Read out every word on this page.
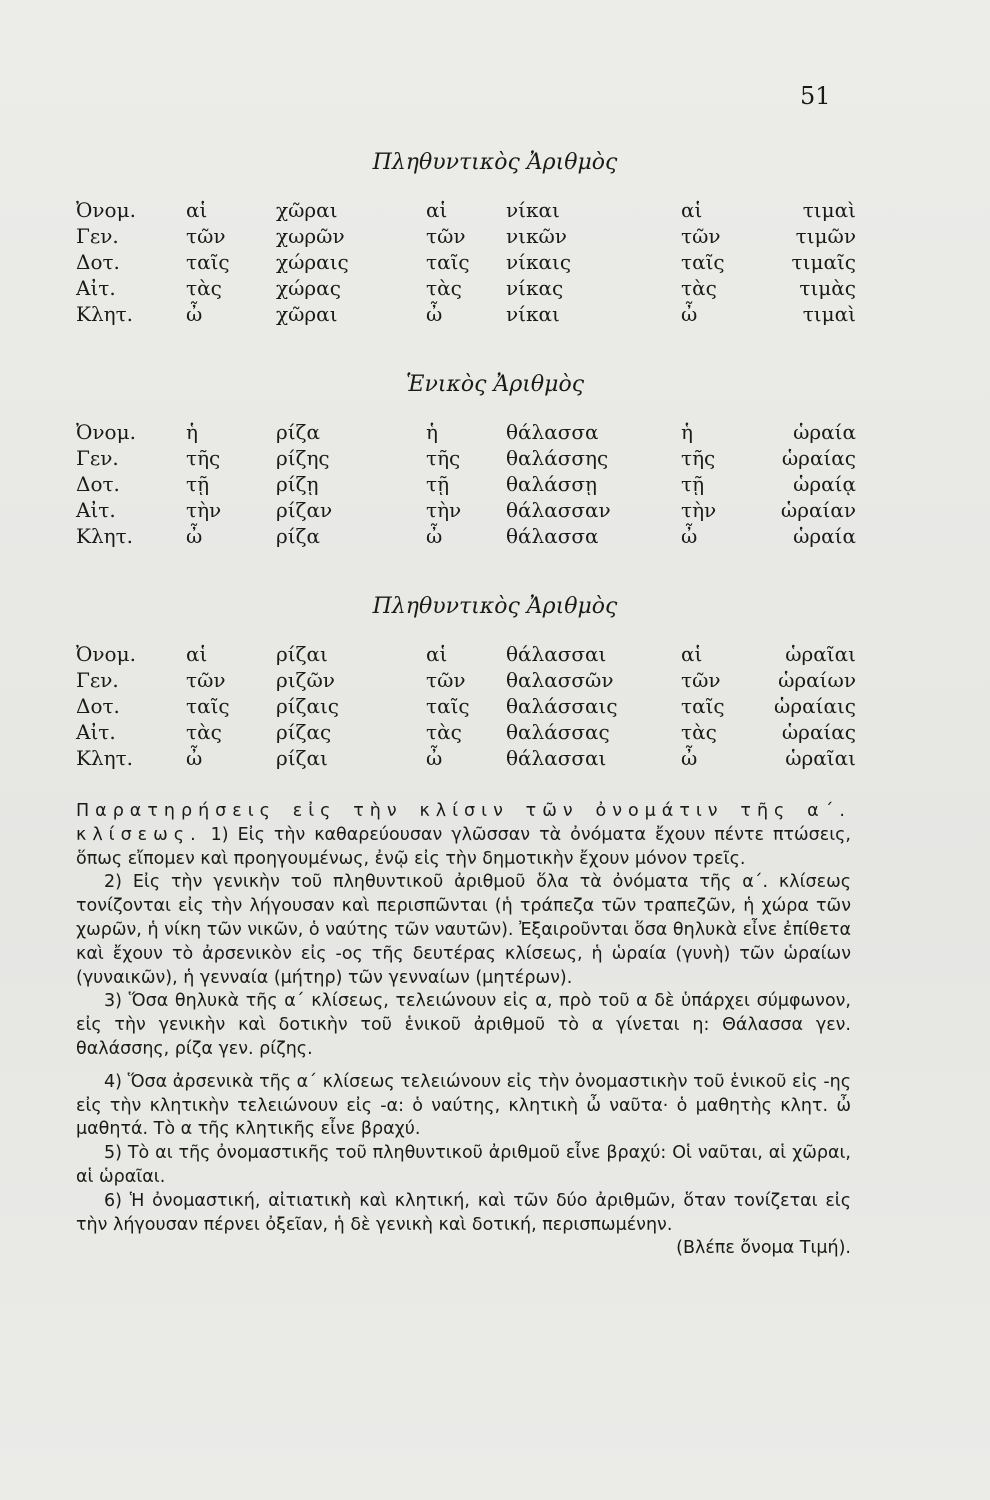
51
Πληθυντικὸς Ἀριθμὸς
Ὀνομ.	αἱ	χῶραι	αἱ	νίκαι	αἱ	τιμαὶ
Γεν.	τῶν	χωρῶν	τῶν	νικῶν	τῶν	τιμῶν
Δοτ.	ταῖς	χώραις	ταῖς	νίκαις	ταῖς	τιμαῖς
Αἰτ.	τὰς	χώρας	τὰς	νίκας	τὰς	τιμὰς
Κλητ.	ὦ	χῶραι	ὦ	νίκαι	ὦ	τιμαὶ
Ἑνικὸς Ἀριθμὸς
Ὀνομ.	ἡ	ρίζα	ἡ	θάλασσα	ἡ	ὡραία
Γεν.	τῆς	ρίζης	τῆς	θαλάσσης	τῆς	ὡραίας
Δοτ.	τῇ	ρίζῃ	τῇ	θαλάσσῃ	τῇ	ὡραίᾳ
Αἰτ.	τὴν	ρίζαν	τὴν	θάλασσαν	τὴν	ὡραίαν
Κλητ.	ὦ	ρίζα	ὦ	θάλασσα	ὦ	ὡραία
Πληθυντικὸς Ἀριθμὸς
Ὀνομ.	αἱ	ρίζαι	αἱ	θάλασσαι	αἱ	ὡραῖαι
Γεν.	τῶν	ριζῶν	τῶν	θαλασσῶν	τῶν	ὡραίων
Δοτ.	ταῖς	ρίζαις	ταῖς	θαλάσσαις	ταῖς	ὡραίαις
Αἰτ.	τὰς	ρίζας	τὰς	θαλάσσας	τὰς	ὡραίας
Κλητ.	ὦ	ρίζαι	ὦ	θάλασσαι	ὦ	ὡραῖαι

Παρατηρήσεις εἰς τὴν κλίσιν τῶν ὀνομάτιν τῆς α΄. κλίσεως. 1) Εἰς τὴν καθαρεύουσαν γλῶσσαν τὰ ὀνόματα ἔχουν πέντε πτώσεις, ὅπως εἴπομεν καὶ προηγουμένως, ἐνῷ εἰς τὴν δημοτικὴν ἔχουν μόνον τρεῖς.

2) Εἰς τὴν γενικὴν τοῦ πληθυντικοῦ ἀριθμοῦ ὅλα τὰ ὀνόματα τῆς α΄. κλίσεως τονίζονται εἰς τὴν λήγουσαν καὶ περισπῶνται (ἡ τράπεζα τῶν τραπεζῶν, ἡ χώρα τῶν χωρῶν, ἡ νίκη τῶν νικῶν, ὁ ναύτης τῶν ναυτῶν). Ἐξαιροῦνται ὅσα θηλυκὰ εἶνε ἐπίθετα καὶ ἔχουν τὸ ἀρσενικὸν εἰς -ος τῆς δευτέρας κλίσεως, ἡ ὡραία (γυνὴ) τῶν ὡραίων (γυναικῶν), ἡ γενναία (μήτηρ) τῶν γενναίων (μητέρων).

3) Ὅσα θηλυκὰ τῆς α΄ κλίσεως, τελειώνουν εἰς α, πρὸ τοῦ α δὲ ὑπάρχει σύμφωνον, εἰς τὴν γενικὴν καὶ δοτικὴν τοῦ ἑνικοῦ ἀριθμοῦ τὸ α γίνεται η: Θάλασσα γεν. θαλάσσης, ρίζα γεν. ρίζης.

4) Ὅσα ἀρσενικὰ τῆς α΄ κλίσεως τελειώνουν εἰς τὴν ὀνομαστικὴν τοῦ ἑνικοῦ εἰς -ης εἰς τὴν κλητικὴν τελειώνουν εἰς -α: ὁ ναύτης, κλητικὴ ὦ ναῦτα· ὁ μαθητὴς κλητ. ὦ μαθητά. Τὸ α τῆς κλητικῆς εἶνε βραχύ.

5) Τὸ αι τῆς ὀνομαστικῆς τοῦ πληθυντικοῦ ἀριθμοῦ εἶνε βραχύ: Οἱ ναῦται, αἱ χῶραι, αἱ ὡραῖαι.

6) Ἡ ὀνομαστική, αἰτιατικὴ καὶ κλητική, καὶ τῶν δύο ἀριθμῶν, ὅταν τονίζεται εἰς τὴν λήγουσαν πέρνει ὀξεῖαν, ἡ δὲ γενικὴ καὶ δοτική, περισπωμένην.

(Βλέπε ὄνομα Τιμή).
